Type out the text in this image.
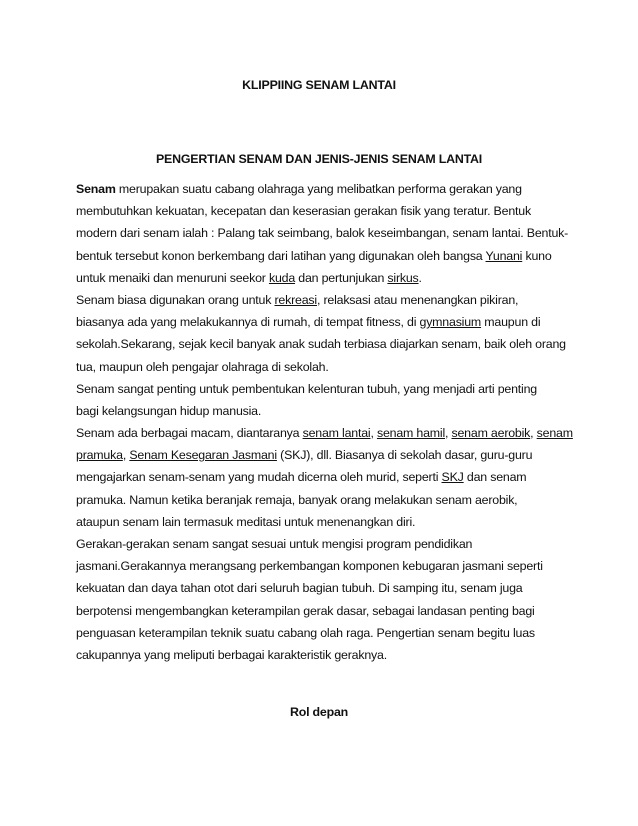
KLIPPIING SENAM LANTAI
PENGERTIAN SENAM DAN JENIS-JENIS SENAM LANTAI
Senam merupakan suatu cabang olahraga yang melibatkan performa gerakan yang
membutuhkan kekuatan, kecepatan dan keserasian gerakan fisik yang teratur. Bentuk
modern dari senam ialah : Palang tak seimbang, balok keseimbangan, senam lantai. Bentuk-
bentuk tersebut konon berkembang dari latihan yang digunakan oleh bangsa Yunani kuno
untuk menaiki dan menuruni seekor kuda dan pertunjukan sirkus.
Senam biasa digunakan orang untuk rekreasi, relaksasi atau menenangkan pikiran,
biasanya ada yang melakukannya di rumah, di tempat fitness, di gymnasium maupun di
sekolah.Sekarang, sejak kecil banyak anak sudah terbiasa diajarkan senam, baik oleh orang
tua, maupun oleh pengajar olahraga di sekolah.
Senam sangat penting untuk pembentukan kelenturan tubuh, yang menjadi arti penting
bagi kelangsungan hidup manusia.
Senam ada berbagai macam, diantaranya senam lantai, senam hamil, senam aerobik, senam
pramuka, Senam Kesegaran Jasmani (SKJ), dll. Biasanya di sekolah dasar, guru-guru
mengajarkan senam-senam yang mudah dicerna oleh murid, seperti SKJ dan senam
pramuka. Namun ketika beranjak remaja, banyak orang melakukan senam aerobik,
ataupun senam lain termasuk meditasi untuk menenangkan diri.
Gerakan-gerakan senam sangat sesuai untuk mengisi program pendidikan
jasmani.Gerakannya merangsang perkembangan komponen kebugaran jasmani seperti
kekuatan dan daya tahan otot dari seluruh bagian tubuh. Di samping itu, senam juga
berpotensi mengembangkan keterampilan gerak dasar, sebagai landasan penting bagi
penguasan keterampilan teknik suatu cabang olah raga. Pengertian senam begitu luas
cakupannya yang meliputi berbagai karakteristik geraknya.
Rol depan
